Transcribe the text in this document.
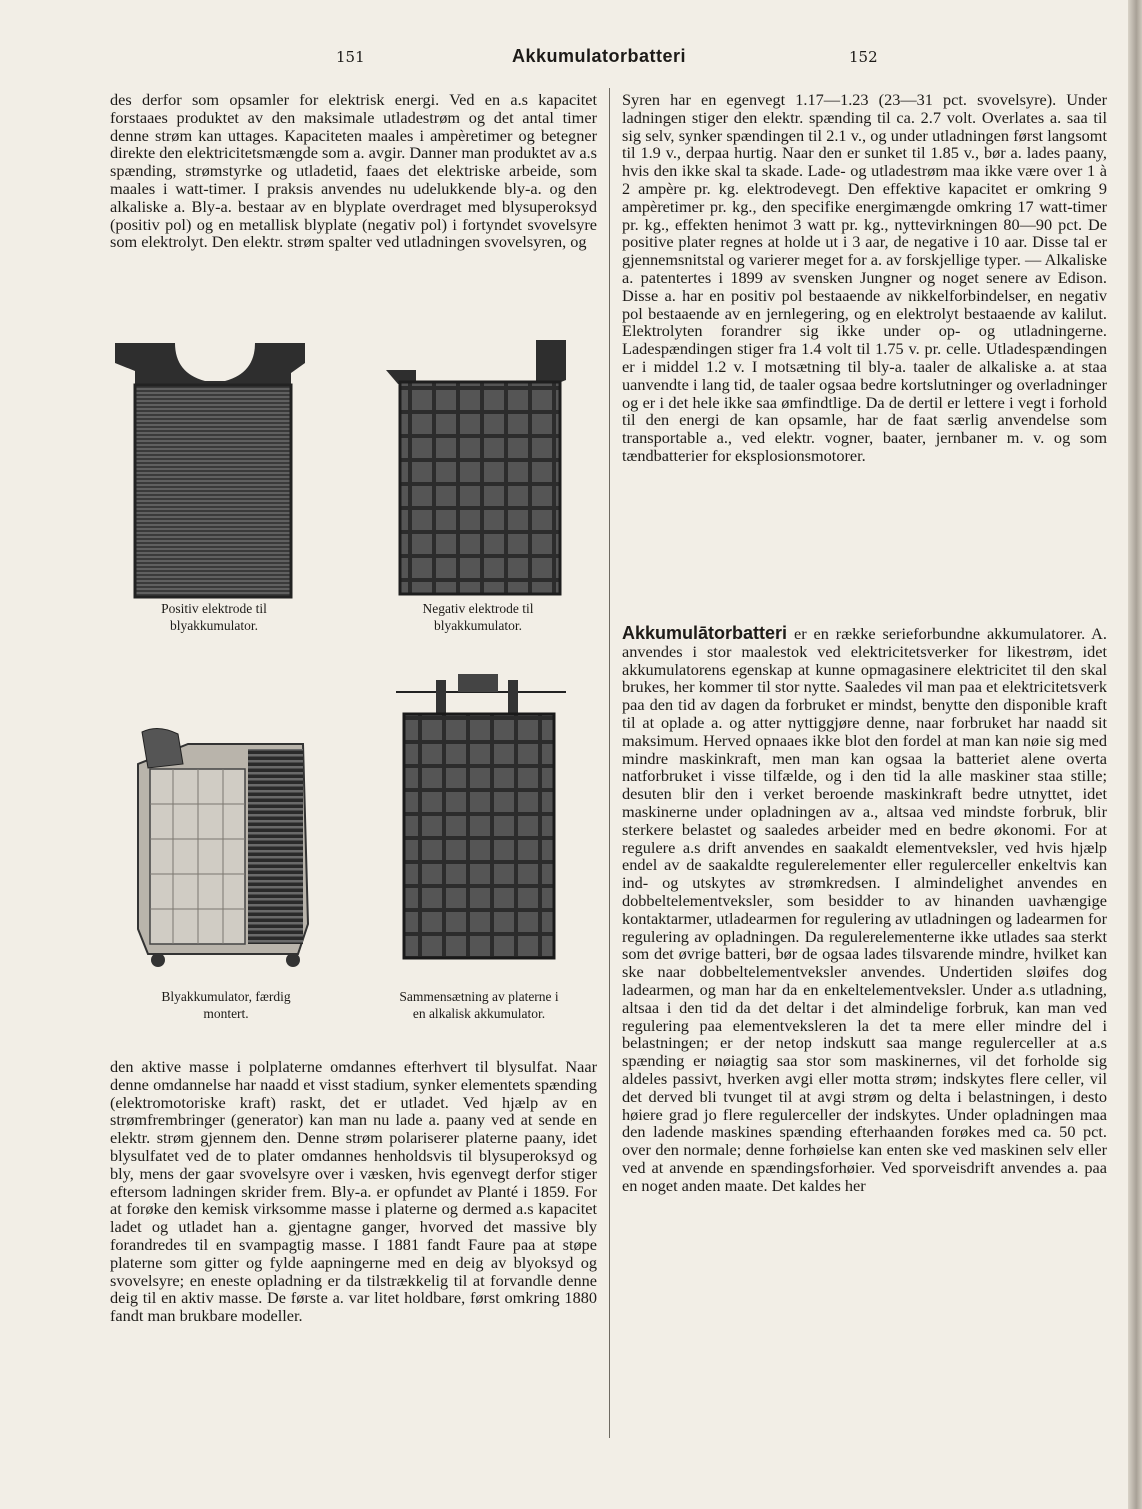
151	Akkumulatorbatteri	152

des derfor som opsamler for elektrisk energi. Ved en a.s kapacitet forstaaes produktet av den maksimale utladestrøm og det antal timer denne strøm kan uttages. Kapaciteten maales i ampèretimer og betegner direkte den elektricitetsmængde som a. avgir. Danner man produktet av a.s spænding, strømstyrke og utladetid, faaes det elektriske arbeide, som maales i watt-timer. I praksis anvendes nu udelukkende bly-a. og den alkaliske a. Bly-a. bestaar av en blyplate overdraget med blysuperoksyd (positiv pol) og en metallisk blyplate (negativ pol) i fortyndet svovelsyre som elektrolyt. Den elektr. strøm spalter ved utladningen svovelsyren, og

Positiv elektrode til blyakkumulator.
Negativ elektrode til blyakkumulator.
Blyakkumulator, færdig montert.
Sammensætning av platerne i en alkalisk akkumulator.

den aktive masse i polplaterne omdannes efterhvert til blysulfat. Naar denne omdannelse har naadd et visst stadium, synker elementets spænding (elektromotoriske kraft) raskt, det er utladet. Ved hjælp av en strømfrembringer (generator) kan man nu lade a. paany ved at sende en elektr. strøm gjennem den. Denne strøm polariserer platerne paany, idet blysulfatet ved de to plater omdannes henholdsvis til blysuperoksyd og bly, mens der gaar svovelsyre over i væsken, hvis egenvegt derfor stiger eftersom ladningen skrider frem. Bly-a. er opfundet av Planté i 1859. For at forøke den kemisk virksomme masse i platerne og dermed a.s kapacitet ladet og utladet han a. gjentagne ganger, hvorved det massive bly forandredes til en svampagtig masse. I 1881 fandt Faure paa at støpe platerne som gitter og fylde aapningerne med en deig av blyoksyd og svovelsyre; en eneste opladning er da tilstrækkelig til at forvandle denne deig til en aktiv masse. De første a. var litet holdbare, først omkring 1880 fandt man brukbare modeller.

Syren har en egenvegt 1.17—1.23 (23—31 pct. svovelsyre). Under ladningen stiger den elektr. spænding til ca. 2.7 volt. Overlates a. saa til sig selv, synker spændingen til 2.1 v., og under utladningen først langsomt til 1.9 v., derpaa hurtig. Naar den er sunket til 1.85 v., bør a. lades paany, hvis den ikke skal ta skade. Lade- og utladestrøm maa ikke være over 1 à 2 ampère pr. kg. elektrodevegt. Den effektive kapacitet er omkring 9 ampèretimer pr. kg., den specifike energimængde omkring 17 watt-timer pr. kg., effekten henimot 3 watt pr. kg., nyttevirkningen 80—90 pct. De positive plater regnes at holde ut i 3 aar, de negative i 10 aar. Disse tal er gjennemsnitstal og varierer meget for a. av forskjellige typer. — Alkaliske a. patentertes i 1899 av svensken Jungner og noget senere av Edison. Disse a. har en positiv pol bestaaende av nikkelforbindelser, en negativ pol bestaaende av en jernlegering, og en elektrolyt bestaaende av kalilut. Elektrolyten forandrer sig ikke under op- og utladningerne. Ladespændingen stiger fra 1.4 volt til 1.75 v. pr. celle. Utladespændingen er i middel 1.2 v. I motsætning til bly-a. taaler de alkaliske a. at staa uanvendte i lang tid, de taaler ogsaa bedre kortslutninger og overladninger og er i det hele ikke saa ømfindtlige. Da de dertil er lettere i vegt i forhold til den energi de kan opsamle, har de faat særlig anvendelse som transportable a., ved elektr. vogner, baater, jernbaner m. v. og som tændbatterier for eksplosionsmotorer.

Akkumulātorbatteri er en række serieforbundne akkumulatorer. A. anvendes i stor maalestok ved elektricitetsverker for likestrøm, idet akkumulatorens egenskap at kunne opmagasinere elektricitet til den skal brukes, her kommer til stor nytte. Saaledes vil man paa et elektricitetsverk paa den tid av dagen da forbruket er mindst, benytte den disponible kraft til at oplade a. og atter nyttiggjøre denne, naar forbruket har naadd sit maksimum. Herved opnaaes ikke blot den fordel at man kan nøie sig med mindre maskinkraft, men man kan ogsaa la batteriet alene overta natforbruket i visse tilfælde, og i den tid la alle maskiner staa stille; desuten blir den i verket beroende maskinkraft bedre utnyttet, idet maskinerne under opladningen av a., altsaa ved mindste forbruk, blir sterkere belastet og saaledes arbeider med en bedre økonomi. For at regulere a.s drift anvendes en saakaldt elementveksler, ved hvis hjælp endel av de saakaldte regulerelementer eller regulerceller enkeltvis kan ind- og utskytes av strømkredsen. I almindelighet anvendes en dobbeltelementveksler, som besidder to av hinanden uavhængige kontaktarmer, utladearmen for regulering av utladningen og ladearmen for regulering av opladningen. Da regulerelementerne ikke utlades saa sterkt som det øvrige batteri, bør de ogsaa lades tilsvarende mindre, hvilket kan ske naar dobbeltelementveksler anvendes. Undertiden sløifes dog ladearmen, og man har da en enkeltelementveksler. Under a.s utladning, altsaa i den tid da det deltar i det almindelige forbruk, kan man ved regulering paa elementveksleren la det ta mere eller mindre del i belastningen; er der netop indskutt saa mange regulerceller at a.s spænding er nøiagtig saa stor som maskinernes, vil det forholde sig aldeles passivt, hverken avgi eller motta strøm; indskytes flere celler, vil det derved bli tvunget til at avgi strøm og delta i belastningen, i desto høiere grad jo flere regulerceller der indskytes. Under opladningen maa den ladende maskines spænding efterhaanden forøkes med ca. 50 pct. over den normale; denne forhøielse kan enten ske ved maskinen selv eller ved at anvende en spændingsforhøier. Ved sporveisdrift anvendes a. paa en noget anden maate. Det kaldes her
